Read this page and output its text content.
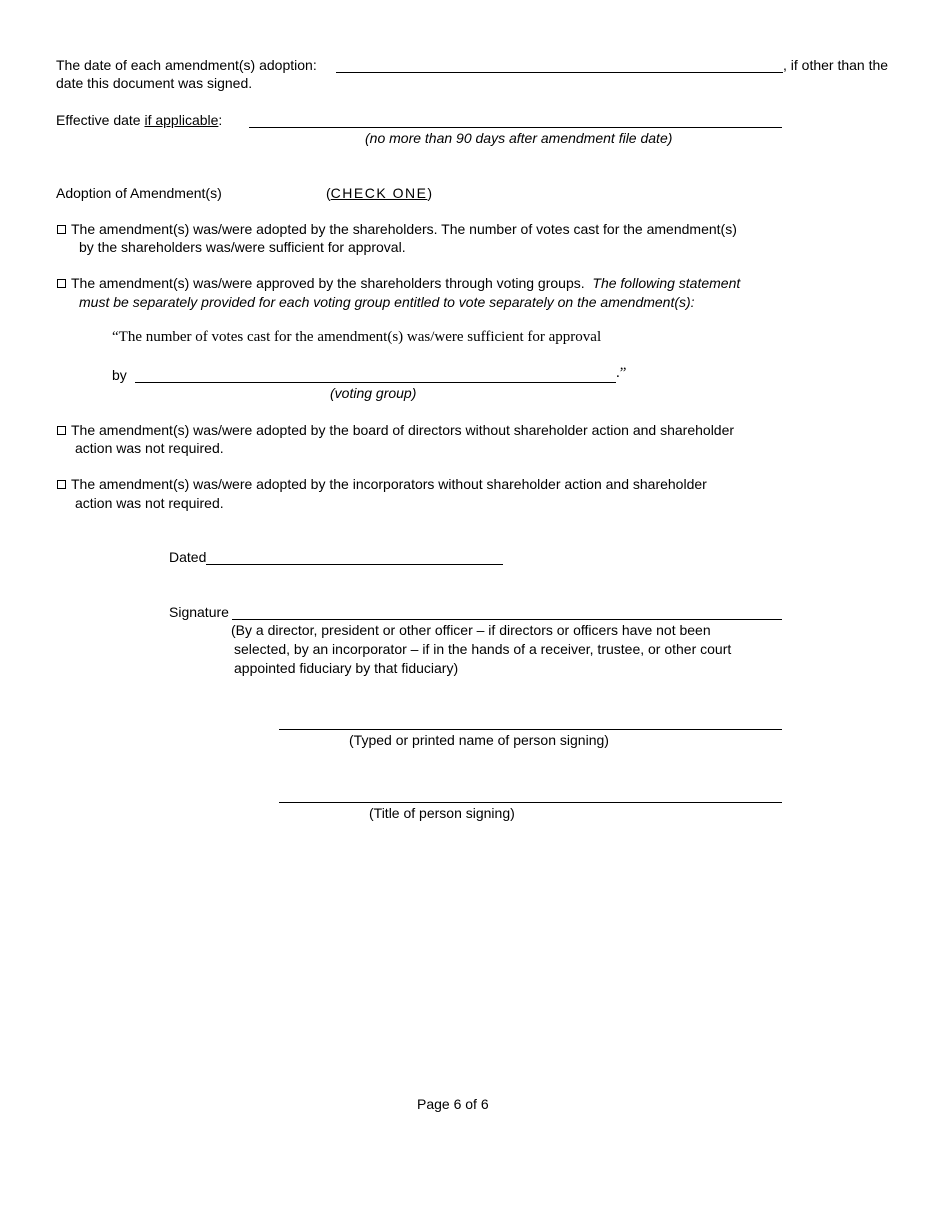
The date of each amendment(s) adoption:	, if other than the
date this document was signed.
Effective date if applicable:
(no more than 90 days after amendment file date)
Adoption of Amendment(s)	(CHECK ONE)
The amendment(s) was/were adopted by the shareholders. The number of votes cast for the amendment(s)
by the shareholders was/were sufficient for approval.
The amendment(s) was/were approved by the shareholders through voting groups. The following statement
must be separately provided for each voting group entitled to vote separately on the amendment(s):
“The number of votes cast for the amendment(s) was/were sufficient for approval
by	.”
(voting group)
The amendment(s) was/were adopted by the board of directors without shareholder action and shareholder
action was not required.
The amendment(s) was/were adopted by the incorporators without shareholder action and shareholder
action was not required.
Dated
Signature
(By a director, president or other officer – if directors or officers have not been
selected, by an incorporator – if in the hands of a receiver, trustee, or other court
appointed fiduciary by that fiduciary)
(Typed or printed name of person signing)
(Title of person signing)
Page 6 of 6
